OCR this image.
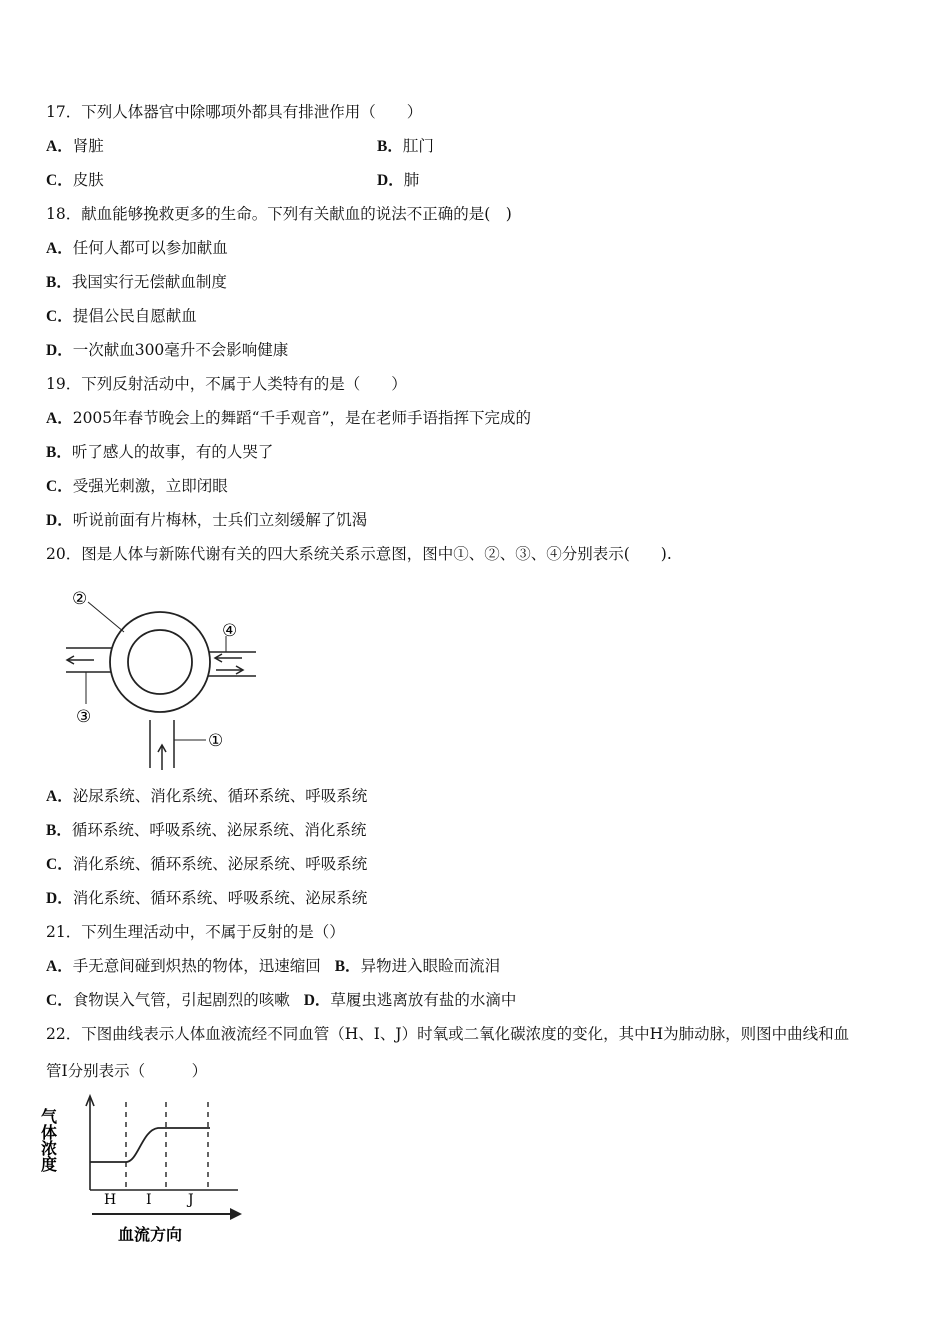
17．下列人体器官中除哪项外都具有排泄作用（　　）
A．肾脏	B．肛门
C．皮肤	D．肺
18．献血能够挽救更多的生命。下列有关献血的说法不正确的是(　)
A．任何人都可以参加献血
B．我国实行无偿献血制度
C．提倡公民自愿献血
D．一次献血300毫升不会影响健康
19．下列反射活动中，不属于人类特有的是（　　）
A．2005年春节晚会上的舞蹈“千手观音”，是在老师手语指挥下完成的
B．听了感人的故事，有的人哭了
C．受强光刺激，立即闭眼
D．听说前面有片梅林，士兵们立刻缓解了饥渴
20．图是人体与新陈代谢有关的四大系统关系示意图，图中①、②、③、④分别表示(　　).
②
③
④
①
A．泌尿系统、消化系统、循环系统、呼吸系统
B．循环系统、呼吸系统、泌尿系统、消化系统
C．消化系统、循环系统、泌尿系统、呼吸系统
D．消化系统、循环系统、呼吸系统、泌尿系统
21．下列生理活动中，不属于反射的是（）
A．手无意间碰到炽热的物体，迅速缩回 B．异物进入眼睑而流泪
C．食物误入气管，引起剧烈的咳嗽 D．草履虫逃离放有盐的水滴中
22．下图曲线表示人体血液流经不同血管（H、I、J）时氧或二氧化碳浓度的变化，其中H为肺动脉，则图中曲线和血
管Ⅰ分别表示（　　　）
气体浓度
H I	J
血流方向
